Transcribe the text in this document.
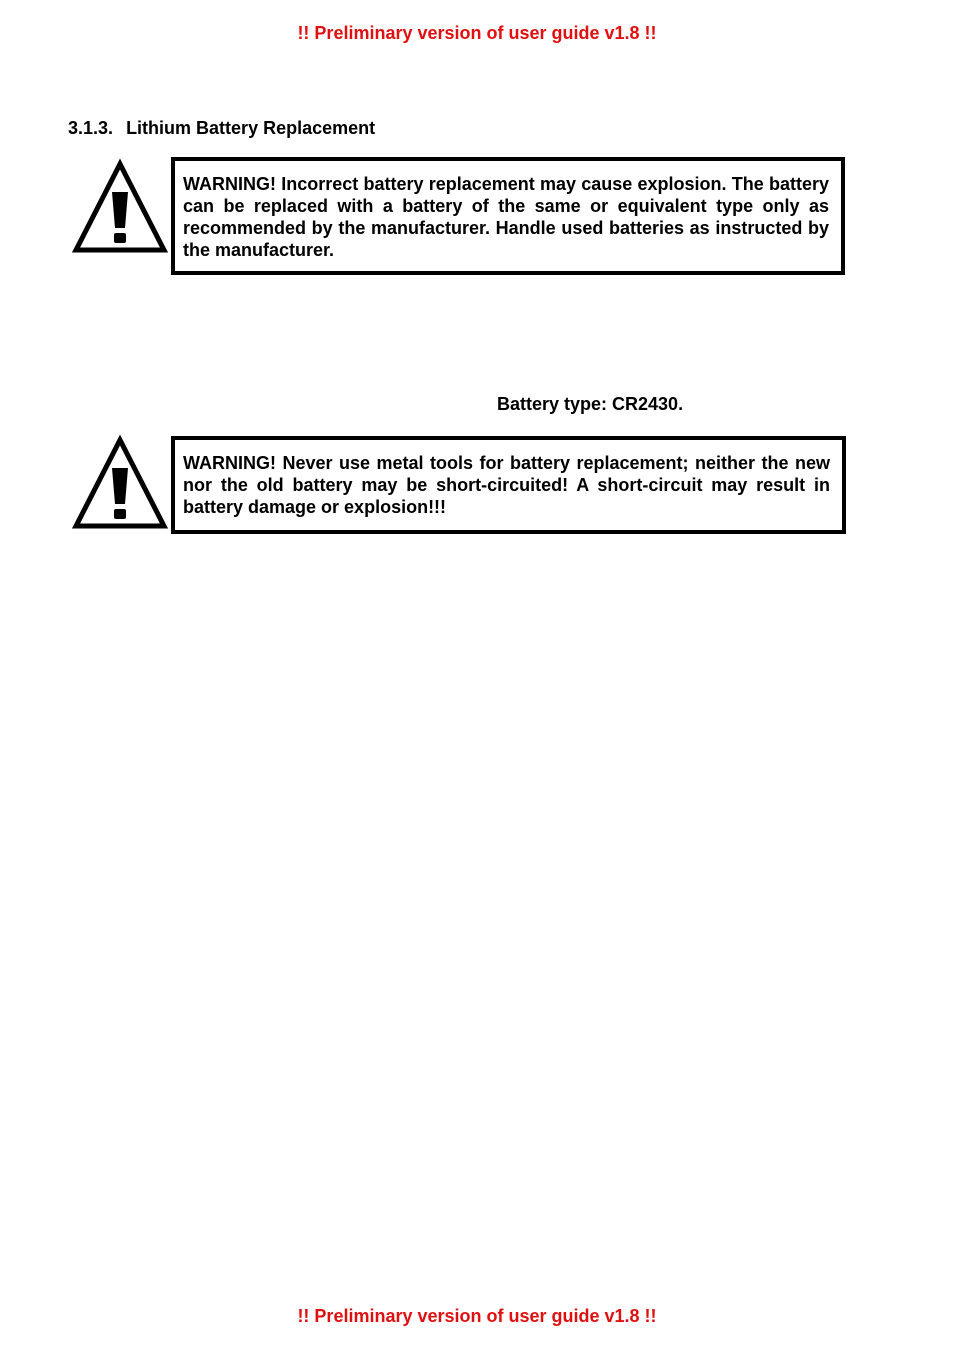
!! Preliminary version of user guide v1.8 !!
3.1.3. Lithium Battery Replacement
WARNING! Incorrect battery replacement may cause explosion. The battery can be replaced with a battery of the same or equivalent type only as recommended by the manufacturer. Handle used batteries as instructed by the manufacturer.
Battery type: CR2430.
WARNING! Never use metal tools for battery replacement; neither the new nor the old battery may be short-circuited! A short-circuit may result in battery damage or explosion!!!
!! Preliminary version of user guide v1.8 !!
